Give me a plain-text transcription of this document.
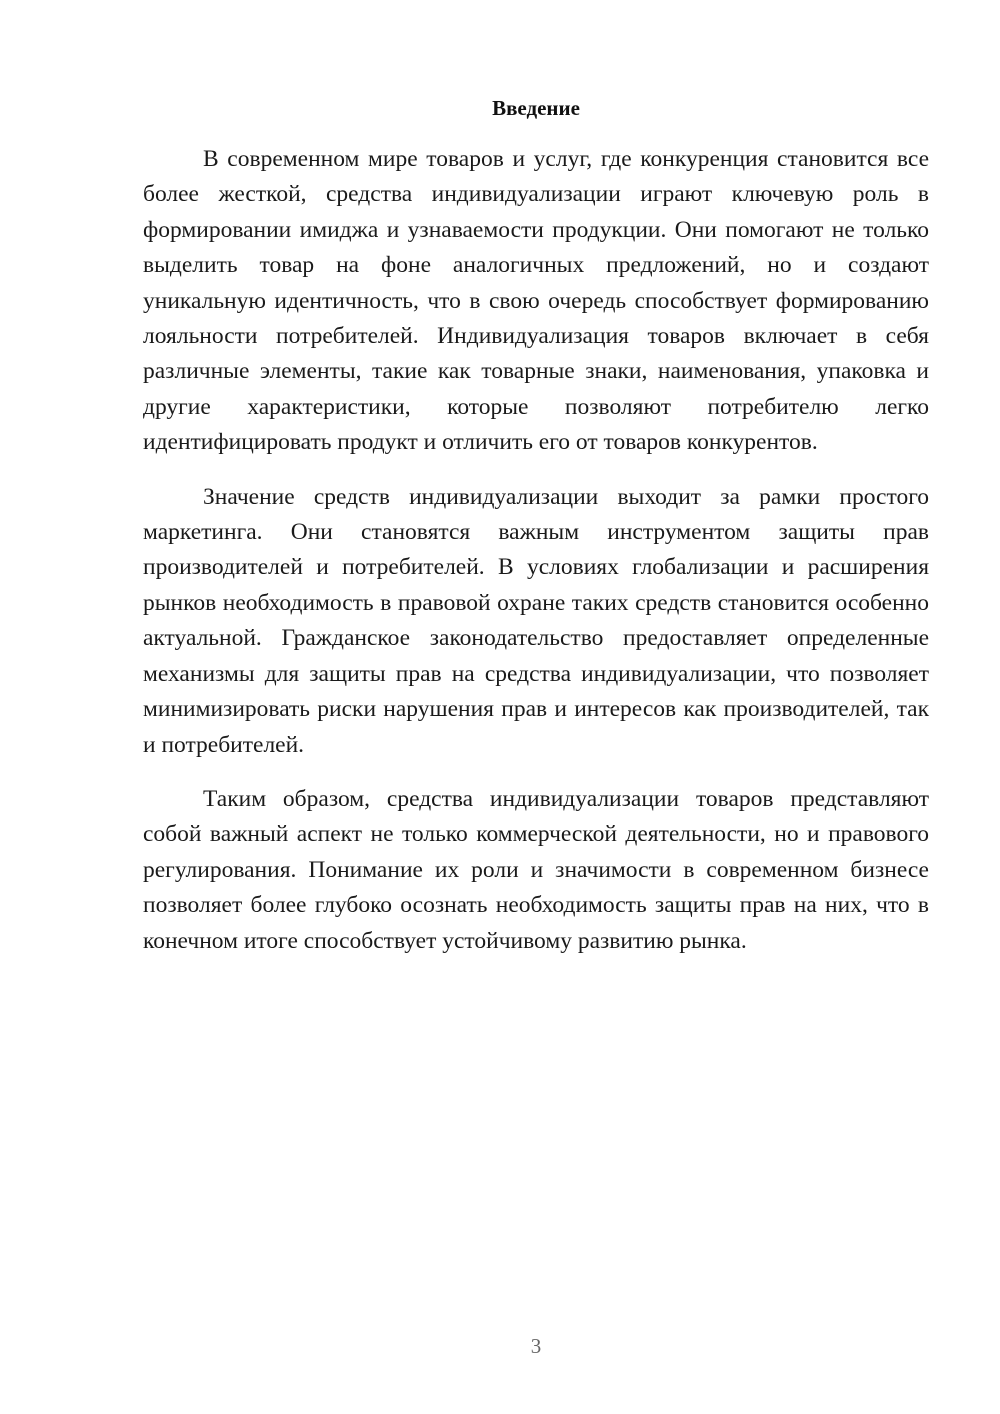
Введение

В современном мире товаров и услуг, где конкуренция становится все более жесткой, средства индивидуализации играют ключевую роль в формировании имиджа и узнаваемости продукции. Они помогают не только выделить товар на фоне аналогичных предложений, но и создают уникальную идентичность, что в свою очередь способствует формированию лояльности потребителей. Индивидуализация товаров включает в себя различные элементы, такие как товарные знаки, наименования, упаковка и другие характеристики, которые позволяют потребителю легко идентифицировать продукт и отличить его от товаров конкурентов.

Значение средств индивидуализации выходит за рамки простого маркетинга. Они становятся важным инструментом защиты прав производителей и потребителей. В условиях глобализации и расширения рынков необходимость в правовой охране таких средств становится особенно актуальной. Гражданское законодательство предоставляет определенные механизмы для защиты прав на средства индивидуализации, что позволяет минимизировать риски нарушения прав и интересов как производителей, так и потребителей.

Таким образом, средства индивидуализации товаров представляют собой важный аспект не только коммерческой деятельности, но и правового регулирования. Понимание их роли и значимости в современном бизнесе позволяет более глубоко осознать необходимость защиты прав на них, что в конечном итоге способствует устойчивому развитию рынка.

3
